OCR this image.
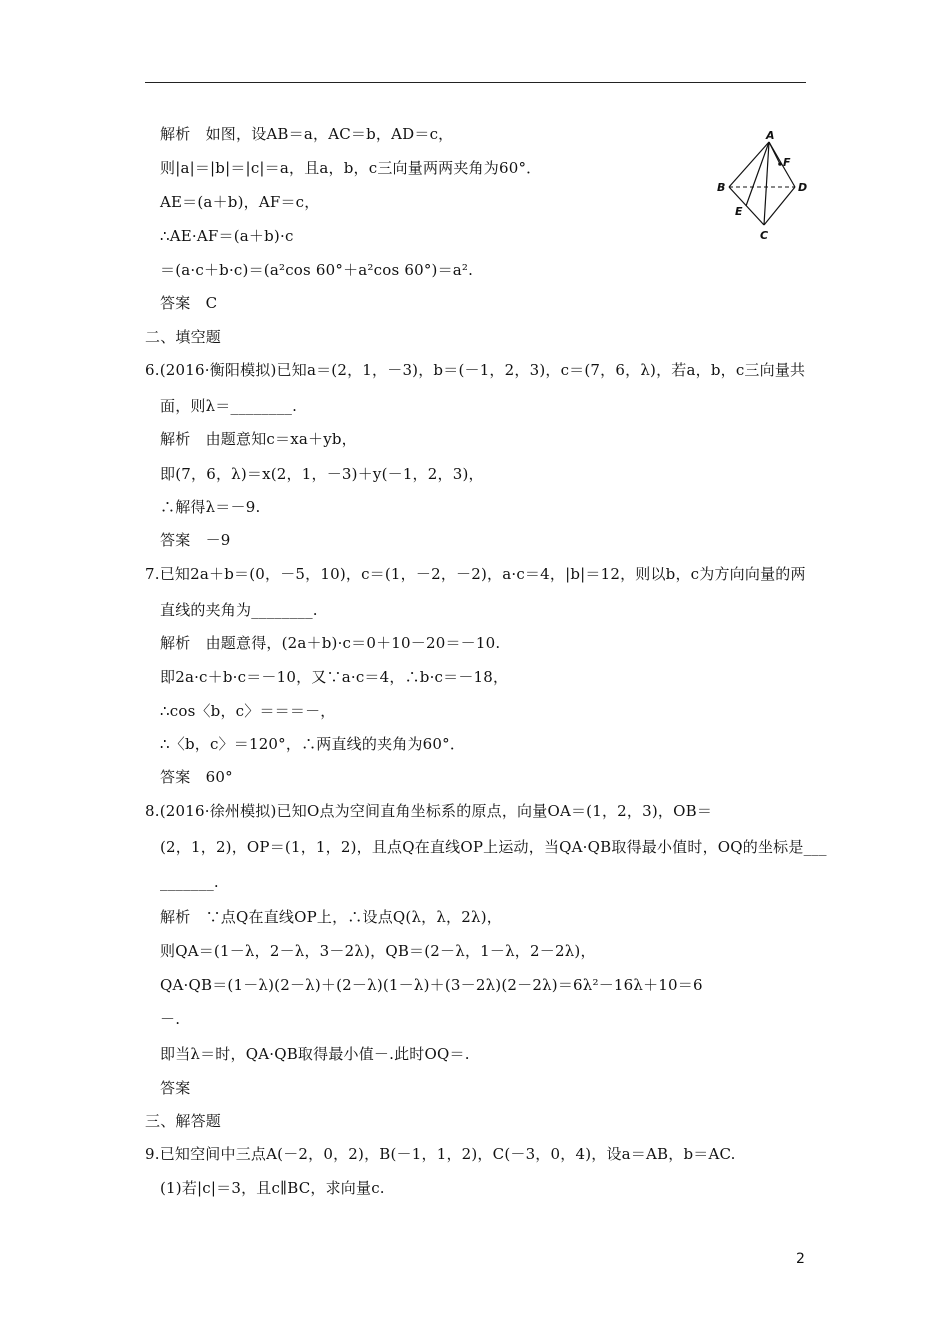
解析　如图，设AB＝a，AC＝b，AD＝c，
则|a|＝|b|＝|c|＝a，且a，b，c三向量两两夹角为60°．
AE＝(a＋b)，AF＝c，
∴AE·AF＝(a＋b)·c
＝(a·c＋b·c)＝(a²cos 60°＋a²cos 60°)＝a².
答案　C
二、填空题
6.(2016·衡阳模拟)已知a＝(2，1，－3)，b＝(－1，2，3)，c＝(7，6，λ)，若a，b，c三向量共
面，则λ＝________.
解析　由题意知c＝xa＋yb，
即(7，6，λ)＝x(2，1，－3)＋y(－1，2，3)，
∴解得λ＝－9.
答案　－9
7.已知2a＋b＝(0，－5，10)，c＝(1，－2，－2)，a·c＝4，|b|＝12，则以b，c为方向向量的两
直线的夹角为________.
解析　由题意得，(2a＋b)·c＝0＋10－20＝－10.
即2a·c＋b·c＝－10，又∵a·c＝4，∴b·c＝－18，
∴cos〈b，c〉＝＝＝－，
∴〈b，c〉＝120°，∴两直线的夹角为60°．
答案　60°
8.(2016·徐州模拟)已知O点为空间直角坐标系的原点，向量OA＝(1，2，3)，OB＝
(2，1，2)，OP＝(1，1，2)，且点Q在直线OP上运动，当QA·QB取得最小值时，OQ的坐标是___
_______.
解析　∵点Q在直线OP上，∴设点Q(λ，λ，2λ)，
则QA＝(1－λ，2－λ，3－2λ)，QB＝(2－λ，1－λ，2－2λ)，
QA·QB＝(1－λ)(2－λ)＋(2－λ)(1－λ)＋(3－2λ)(2－2λ)＝6λ²－16λ＋10＝6
－.
即当λ＝时，QA·QB取得最小值－.此时OQ＝.
答案
三、解答题
9.已知空间中三点A(－2，0，2)，B(－1，1，2)，C(－3，0，4)，设a＝AB，b＝AC.
(1)若|c|＝3，且c∥BC，求向量c.
A
B
C
D
E
F
2
